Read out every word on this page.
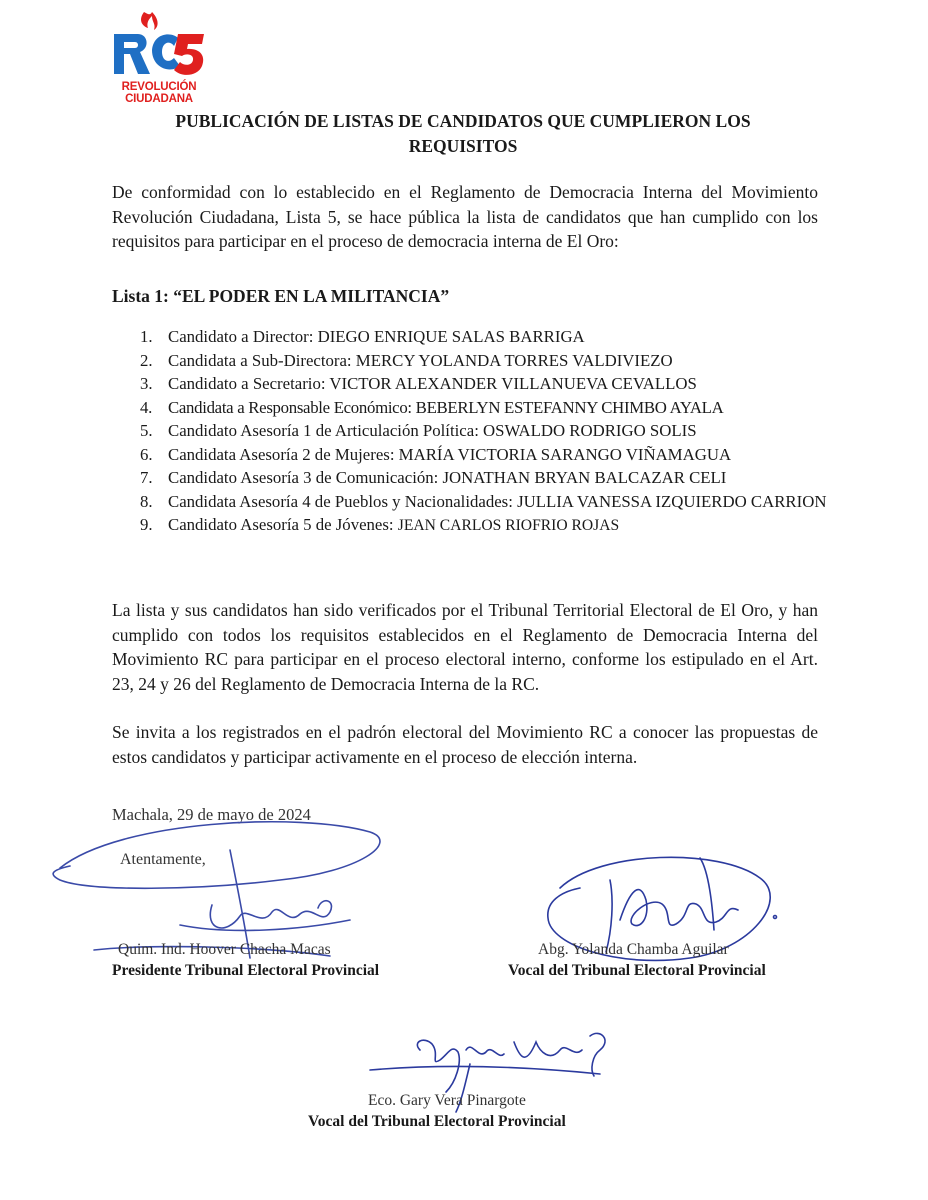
REVOLUCIÓN
CIUDADANA
PUBLICACIÓN DE LISTAS DE CANDIDATOS QUE CUMPLIERON LOS REQUISITOS
De conformidad con lo establecido en el Reglamento de Democracia Interna del Movimiento Revolución Ciudadana, Lista 5, se hace pública la lista de candidatos que han cumplido con los requisitos para participar en el proceso de democracia interna de El Oro:
Lista 1: “EL PODER EN LA MILITANCIA”
1. Candidato a Director: DIEGO ENRIQUE SALAS BARRIGA
2. Candidata a Sub-Directora: MERCY YOLANDA TORRES VALDIVIEZO
3. Candidato a Secretario: VICTOR ALEXANDER VILLANUEVA CEVALLOS
4. Candidata a Responsable Económico: BEBERLYN ESTEFANNY CHIMBO AYALA
5. Candidato Asesoría 1 de Articulación Política: OSWALDO RODRIGO SOLIS
6. Candidata Asesoría 2 de Mujeres: MARÍA VICTORIA SARANGO VIÑAMAGUA
7. Candidato Asesoría 3 de Comunicación: JONATHAN BRYAN BALCAZAR CELI
8. Candidata Asesoría 4 de Pueblos y Nacionalidades: JULLIA VANESSA IZQUIERDO CARRION
9. Candidato Asesoría 5 de Jóvenes: JEAN CARLOS RIOFRIO ROJAS
La lista y sus candidatos han sido verificados por el Tribunal Territorial Electoral de El Oro, y han cumplido con todos los requisitos establecidos en el Reglamento de Democracia Interna del Movimiento RC para participar en el proceso electoral interno, conforme los estipulado en el Art. 23, 24 y 26 del Reglamento de Democracia Interna de la RC.
Se invita a los registrados en el padrón electoral del Movimiento RC a conocer las propuestas de estos candidatos y participar activamente en el proceso de elección interna.
Machala, 29 de mayo de 2024
Atentamente,
Quim. Ind. Hoover Chacha Macas
Presidente Tribunal Electoral Provincial
Abg. Yolanda Chamba Aguilar
Vocal del Tribunal Electoral Provincial
Eco. Gary Vera Pinargote
Vocal del Tribunal Electoral Provincial
